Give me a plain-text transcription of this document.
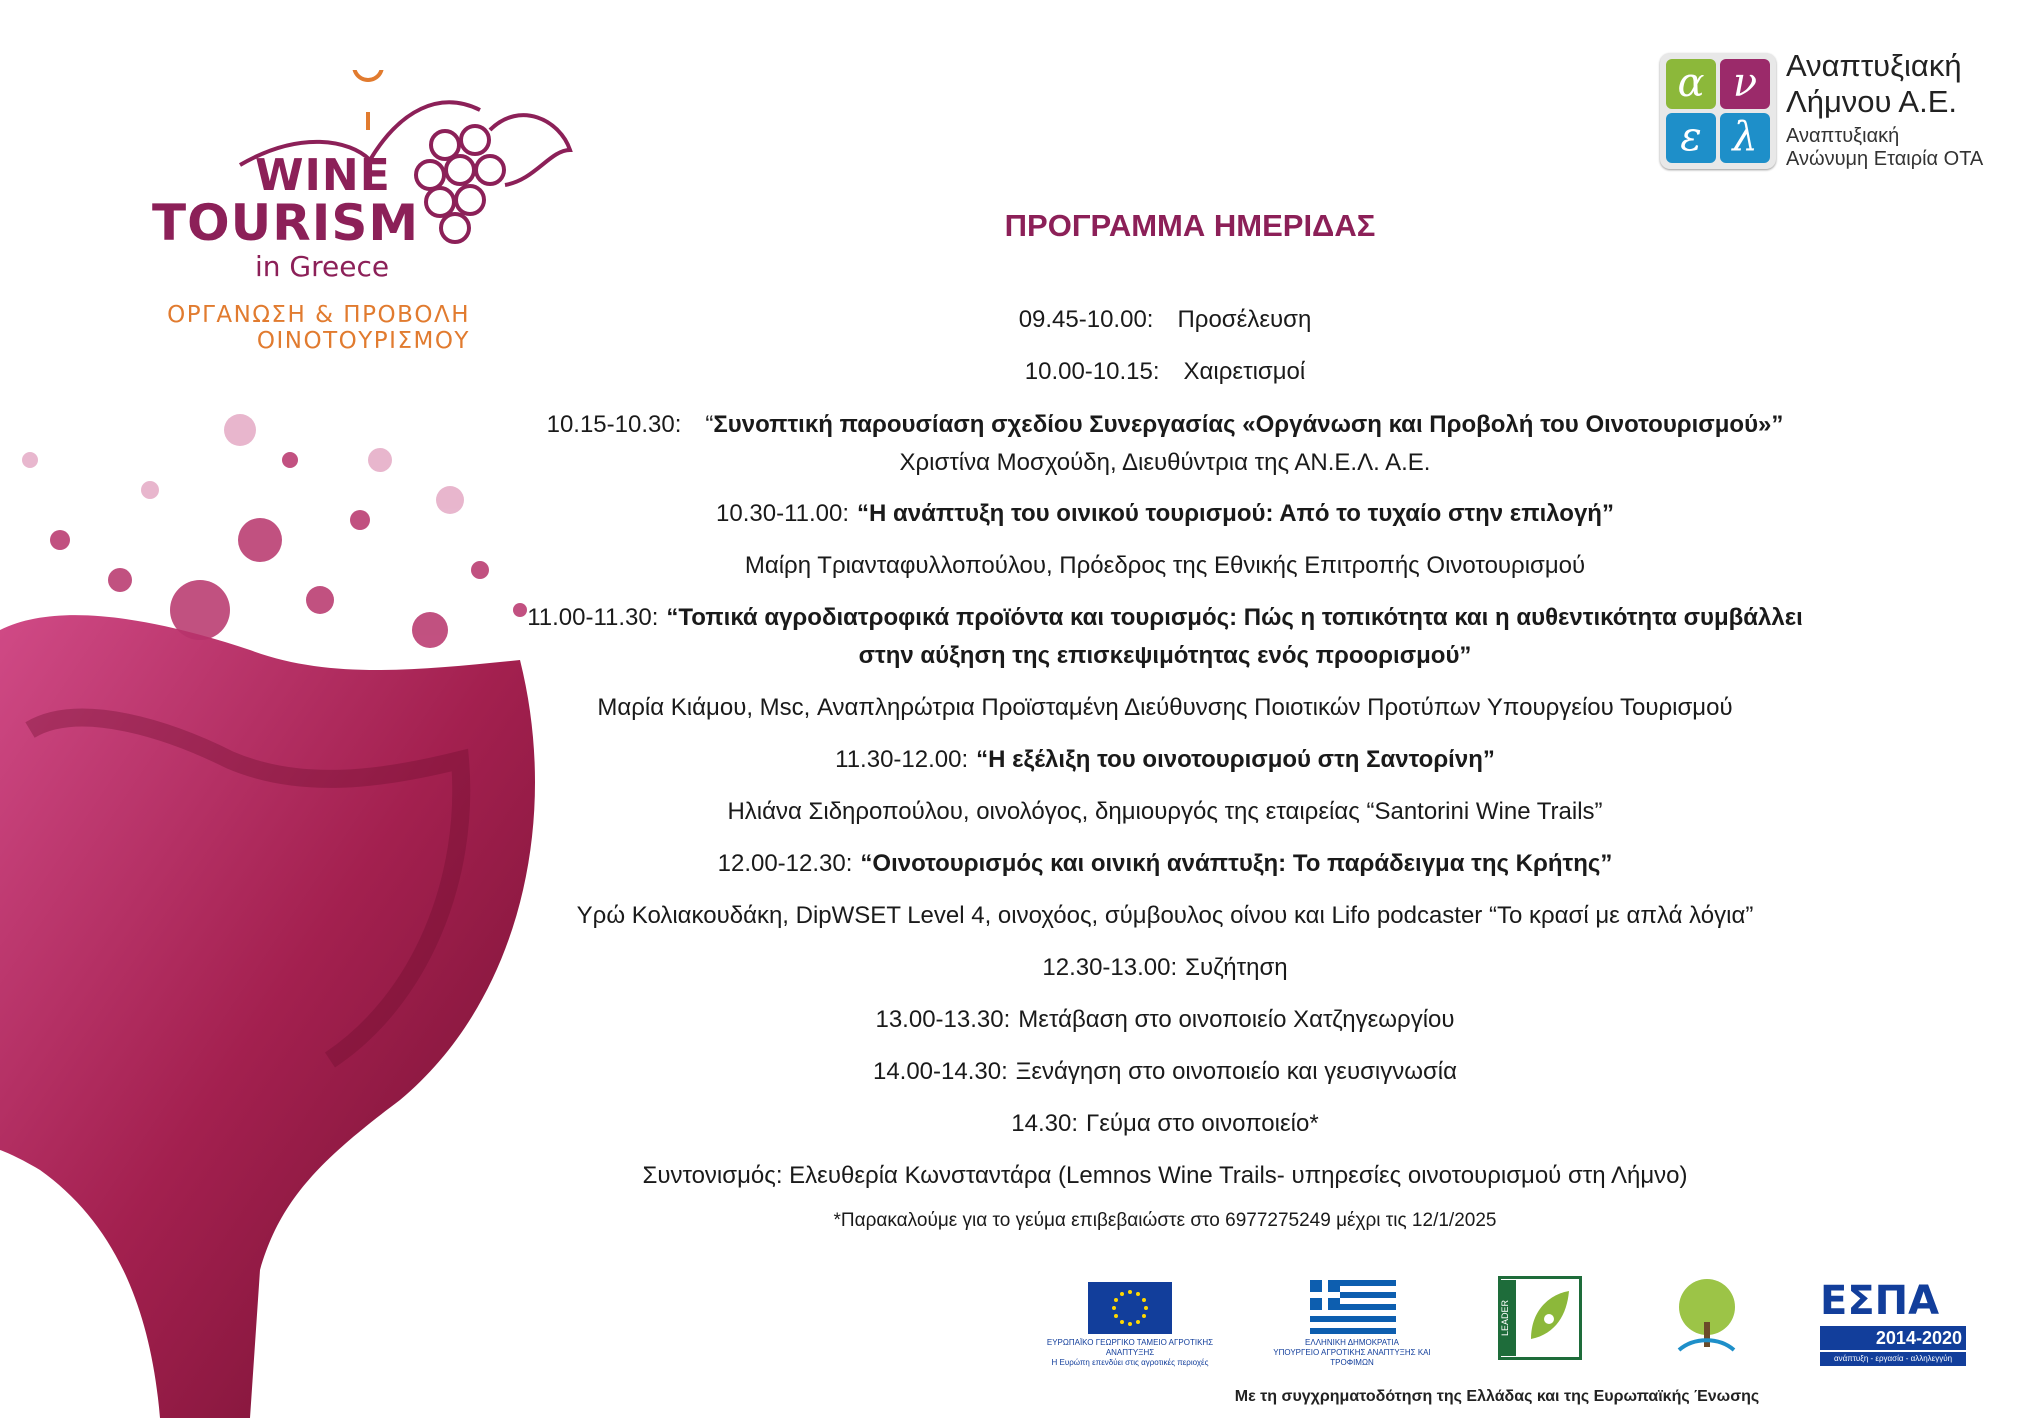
WINE
TOURISM
in Greece
ΟΡΓΑΝΩΣΗ & ΠΡΟΒΟΛΗ
ΟΙΝΟΤΟΥΡΙΣΜΟΥ
α ν
ε λ
Αναπτυξιακή
Λήμνου Α.Ε.
Αναπτυξιακή
Ανώνυμη Εταιρία ΟΤΑ
ΠΡΟΓΡΑΜΜΑ ΗΜΕΡΙΔΑΣ
09.45-10.00: Προσέλευση
10.00-10.15: Χαιρετισμοί
10.15-10.30: “Συνοπτική παρουσίαση σχεδίου Συνεργασίας «Οργάνωση και Προβολή του Οινοτουρισμού»”
Χριστίνα Μοσχούδη, Διευθύντρια της ΑΝ.Ε.Λ. Α.Ε.
10.30-11.00: “Η ανάπτυξη του οινικού τουρισμού: Από το τυχαίο στην επιλογή”
Μαίρη Τριανταφυλλοπούλου, Πρόεδρος της Εθνικής Επιτροπής Οινοτουρισμού
11.00-11.30: “Τοπικά αγροδιατροφικά προϊόντα και τουρισμός: Πώς η τοπικότητα και η αυθεντικότητα συμβάλλει
στην αύξηση της επισκεψιμότητας ενός προορισμού”
Μαρία Κιάμου, Msc, Αναπληρώτρια Προϊσταμένη Διεύθυνσης Ποιοτικών Προτύπων Υπουργείου Τουρισμού
11.30-12.00: “Η εξέλιξη του οινοτουρισμού στη Σαντορίνη”
Ηλιάνα Σιδηροπούλου, οινολόγος, δημιουργός της εταιρείας “Santorini Wine Trails”
12.00-12.30: “Οινοτουρισμός και οινική ανάπτυξη: Το παράδειγμα της Κρήτης”
Υρώ Κολιακουδάκη, DipWSET Level 4, οινοχόος, σύμβουλος οίνου και Lifo podcaster “Το κρασί με απλά λόγια”
12.30-13.00: Συζήτηση
13.00-13.30: Μετάβαση στο οινοποιείο Χατζηγεωργίου
14.00-14.30: Ξενάγηση στο οινοποιείο και γευσιγνωσία
14.30: Γεύμα στο οινοποιείο*
Συντονισμός: Ελευθερία Κωνσταντάρα (Lemnos Wine Trails- υπηρεσίες οινοτουρισμού στη Λήμνο)
*Παρακαλούμε για το γεύμα επιβεβαιώστε στο 6977275249 μέχρι τις 12/1/2025
ΕΥΡΩΠΑΪΚΟ ΓΕΩΡΓΙΚΟ ΤΑΜΕΙΟ ΑΓΡΟΤΙΚΗΣ ΑΝΑΠΤΥΞΗΣ
Η Ευρώπη επενδύει στις αγροτικές περιοχές
ΕΛΛΗΝΙΚΗ ΔΗΜΟΚΡΑΤΙΑ
ΥΠΟΥΡΓΕΙΟ ΑΓΡΟΤΙΚΗΣ ΑΝΑΠΤΥΞΗΣ ΚΑΙ ΤΡΟΦΙΜΩΝ
LEADER	ΕΣΠΑ
2014-2020
ανάπτυξη - εργασία - αλληλεγγύη
Με τη συγχρηματοδότηση της Ελλάδας και της Ευρωπαϊκής Ένωσης
